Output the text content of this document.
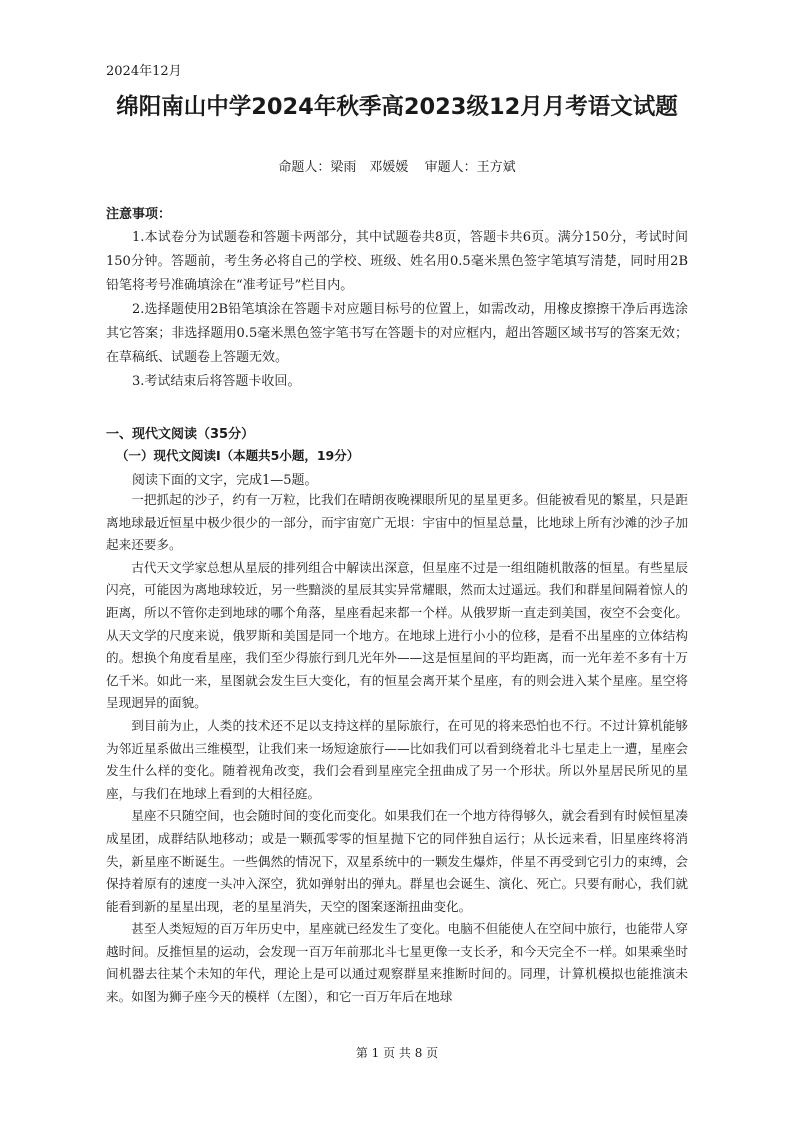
2024年12月
绵阳南山中学2024年秋季高2023级12月月考语文试题
命题人：梁雨　邓媛媛 审题人：王方斌
注意事项：

1.本试卷分为试题卷和答题卡两部分，其中试题卷共8页，答题卡共6页。满分150分，考试时间150分钟。答题前，考生务必将自己的学校、班级、姓名用0.5毫米黑色签字笔填写清楚，同时用2B铅笔将考号准确填涂在“准考证号”栏目内。

2.选择题使用2B铅笔填涂在答题卡对应题目标号的位置上，如需改动，用橡皮擦擦干净后再选涂其它答案；非选择题用0.5毫米黑色签字笔书写在答题卡的对应框内，超出答题区域书写的答案无效；在草稿纸、试题卷上答题无效。

3.考试结束后将答题卡收回。

一、现代文阅读（35分）
（一）现代文阅读Ⅰ（本题共5小题，19分）
阅读下面的文字，完成1—5题。

一把抓起的沙子，约有一万粒，比我们在晴朗夜晚裸眼所见的星星更多。但能被看见的繁星，只是距离地球最近恒星中极少很少的一部分，而宇宙宽广无垠：宇宙中的恒星总量，比地球上所有沙滩的沙子加起来还要多。

古代天文学家总想从星辰的排列组合中解读出深意，但星座不过是一组组随机散落的恒星。有些星辰闪亮，可能因为离地球较近，另一些黯淡的星辰其实异常耀眼，然而太过遥远。我们和群星间隔着惊人的距离，所以不管你走到地球的哪个角落，星座看起来都一个样。从俄罗斯一直走到美国，夜空不会变化。从天文学的尺度来说，俄罗斯和美国是同一个地方。在地球上进行小小的位移，是看不出星座的立体结构的。想换个角度看星座，我们至少得旅行到几光年外——这是恒星间的平均距离，而一光年差不多有十万亿千米。如此一来，星图就会发生巨大变化，有的恒星会离开某个星座，有的则会进入某个星座。星空将呈现迥异的面貌。

到目前为止，人类的技术还不足以支持这样的星际旅行，在可见的将来恐怕也不行。不过计算机能够为邻近星系做出三维模型，让我们来一场短途旅行——比如我们可以看到绕着北斗七星走上一遭，星座会发生什么样的变化。随着视角改变，我们会看到星座完全扭曲成了另一个形状。所以外星居民所见的星座，与我们在地球上看到的大相径庭。

星座不只随空间，也会随时间的变化而变化。如果我们在一个地方待得够久，就会看到有时候恒星凑成星团，成群结队地移动；或是一颗孤零零的恒星抛下它的同伴独自运行；从长远来看，旧星座终将消失，新星座不断诞生。一些偶然的情况下，双星系统中的一颗发生爆炸，伴星不再受到它引力的束缚，会保持着原有的速度一头冲入深空，犹如弹射出的弹丸。群星也会诞生、演化、死亡。只要有耐心，我们就能看到新的星星出现，老的星星消失，天空的图案逐渐扭曲变化。

甚至人类短短的百万年历史中，星座就已经发生了变化。电脑不但能使人在空间中旅行，也能带人穿越时间。反推恒星的运动，会发现一百万年前那北斗七星更像一支长矛，和今天完全不一样。如果乘坐时间机器去往某个未知的年代，理论上是可以通过观察群星来推断时间的。同理，计算机模拟也能推演未来。如图为狮子座今天的模样（左图），和它一百万年后在地球

第 1 页 共 8 页
